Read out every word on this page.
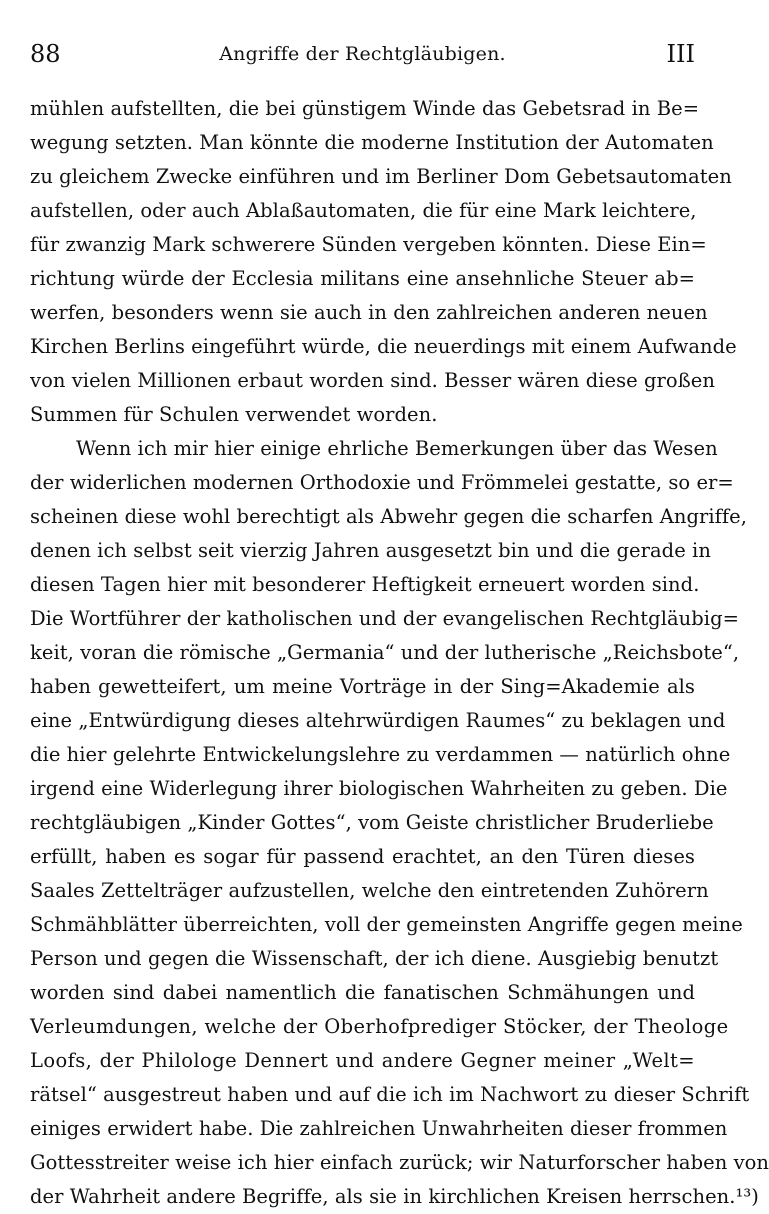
88	Angriffe der Rechtgläubigen.	III
mühlen aufstellten, die bei günstigem Winde das Gebetsrad in Be=
wegung setzten. Man könnte die moderne Institution der Automaten
zu gleichem Zwecke einführen und im Berliner Dom Gebetsautomaten
aufstellen, oder auch Ablaßautomaten, die für eine Mark leichtere,
für zwanzig Mark schwerere Sünden vergeben könnten. Diese Ein=
richtung würde der Ecclesia militans eine ansehnliche Steuer ab=
werfen, besonders wenn sie auch in den zahlreichen anderen neuen
Kirchen Berlins eingeführt würde, die neuerdings mit einem Aufwande
von vielen Millionen erbaut worden sind. Besser wären diese großen
Summen für Schulen verwendet worden.
Wenn ich mir hier einige ehrliche Bemerkungen über das Wesen
der widerlichen modernen Orthodoxie und Frömmelei gestatte, so er=
scheinen diese wohl berechtigt als Abwehr gegen die scharfen Angriffe,
denen ich selbst seit vierzig Jahren ausgesetzt bin und die gerade in
diesen Tagen hier mit besonderer Heftigkeit erneuert worden sind.
Die Wortführer der katholischen und der evangelischen Rechtgläubig=
keit, voran die römische „Germania“ und der lutherische „Reichsbote“,
haben gewetteifert, um meine Vorträge in der Sing=Akademie als
eine „Entwürdigung dieses altehrwürdigen Raumes“ zu beklagen und
die hier gelehrte Entwickelungslehre zu verdammen — natürlich ohne
irgend eine Widerlegung ihrer biologischen Wahrheiten zu geben. Die
rechtgläubigen „Kinder Gottes“, vom Geiste christlicher Bruderliebe
erfüllt, haben es sogar für passend erachtet, an den Türen dieses
Saales Zettelträger aufzustellen, welche den eintretenden Zuhörern
Schmähblätter überreichten, voll der gemeinsten Angriffe gegen meine
Person und gegen die Wissenschaft, der ich diene. Ausgiebig benutzt
worden sind dabei namentlich die fanatischen Schmähungen und
Verleumdungen, welche der Oberhofprediger Stöcker, der Theologe
Loofs, der Philologe Dennert und andere Gegner meiner „Welt=
rätsel“ ausgestreut haben und auf die ich im Nachwort zu dieser Schrift
einiges erwidert habe. Die zahlreichen Unwahrheiten dieser frommen
Gottesstreiter weise ich hier einfach zurück; wir Naturforscher haben von
der Wahrheit andere Begriffe, als sie in kirchlichen Kreisen herrschen.¹³)
